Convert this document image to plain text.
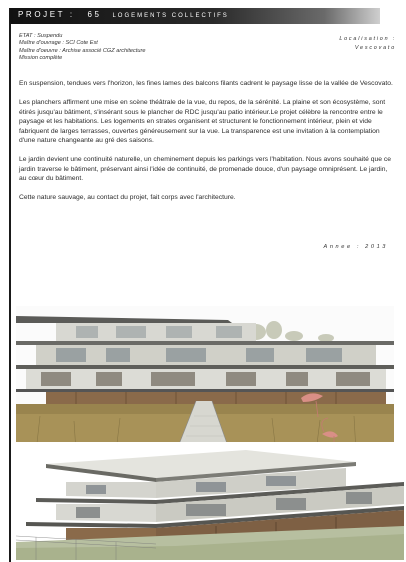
PROJET : 65 LOGEMENTS COLLECTIFS
ETAT : Suspendu
Maître d'ouvrage : SCI Cote Est
Maître d'oeuvre : Archise associé CGZ architecture
Mission complète
Localisation :
Vescovato

En suspension, tendues vers l'horizon, les fines lames des balcons filants cadrent le paysage lisse de la vallée de Vescovato.

Les planchers affirment une mise en scène théâtrale de la vue, du repos, de la sérénité. La plaine et son écosystème, sont étirés jusqu'au bâtiment, s'insérant sous le plancher de RDC jusqu'au patio intérieur.Le projet célèbre la rencontre entre le paysage et les habitations. Les logements en strates organisent et structurent le fonctionnement intérieur, plein et vide fabriquent de larges terrasses, ouvertes généreusement sur la vue. La transparence est une invitation à la contemplation d'une nature changeante au gré des saisons.

Le jardin devient une continuité naturelle, un cheminement depuis les parkings vers l'habitation. Nous avons souhaité que ce jardin traverse le bâtiment, préservant ainsi l'idée de continuité, de promenade douce, d'un paysage omniprésent. Le jardin, au cœur du bâtiment.

Cette nature sauvage, au contact du projet, fait corps avec l'architecture.

Annee : 2013
